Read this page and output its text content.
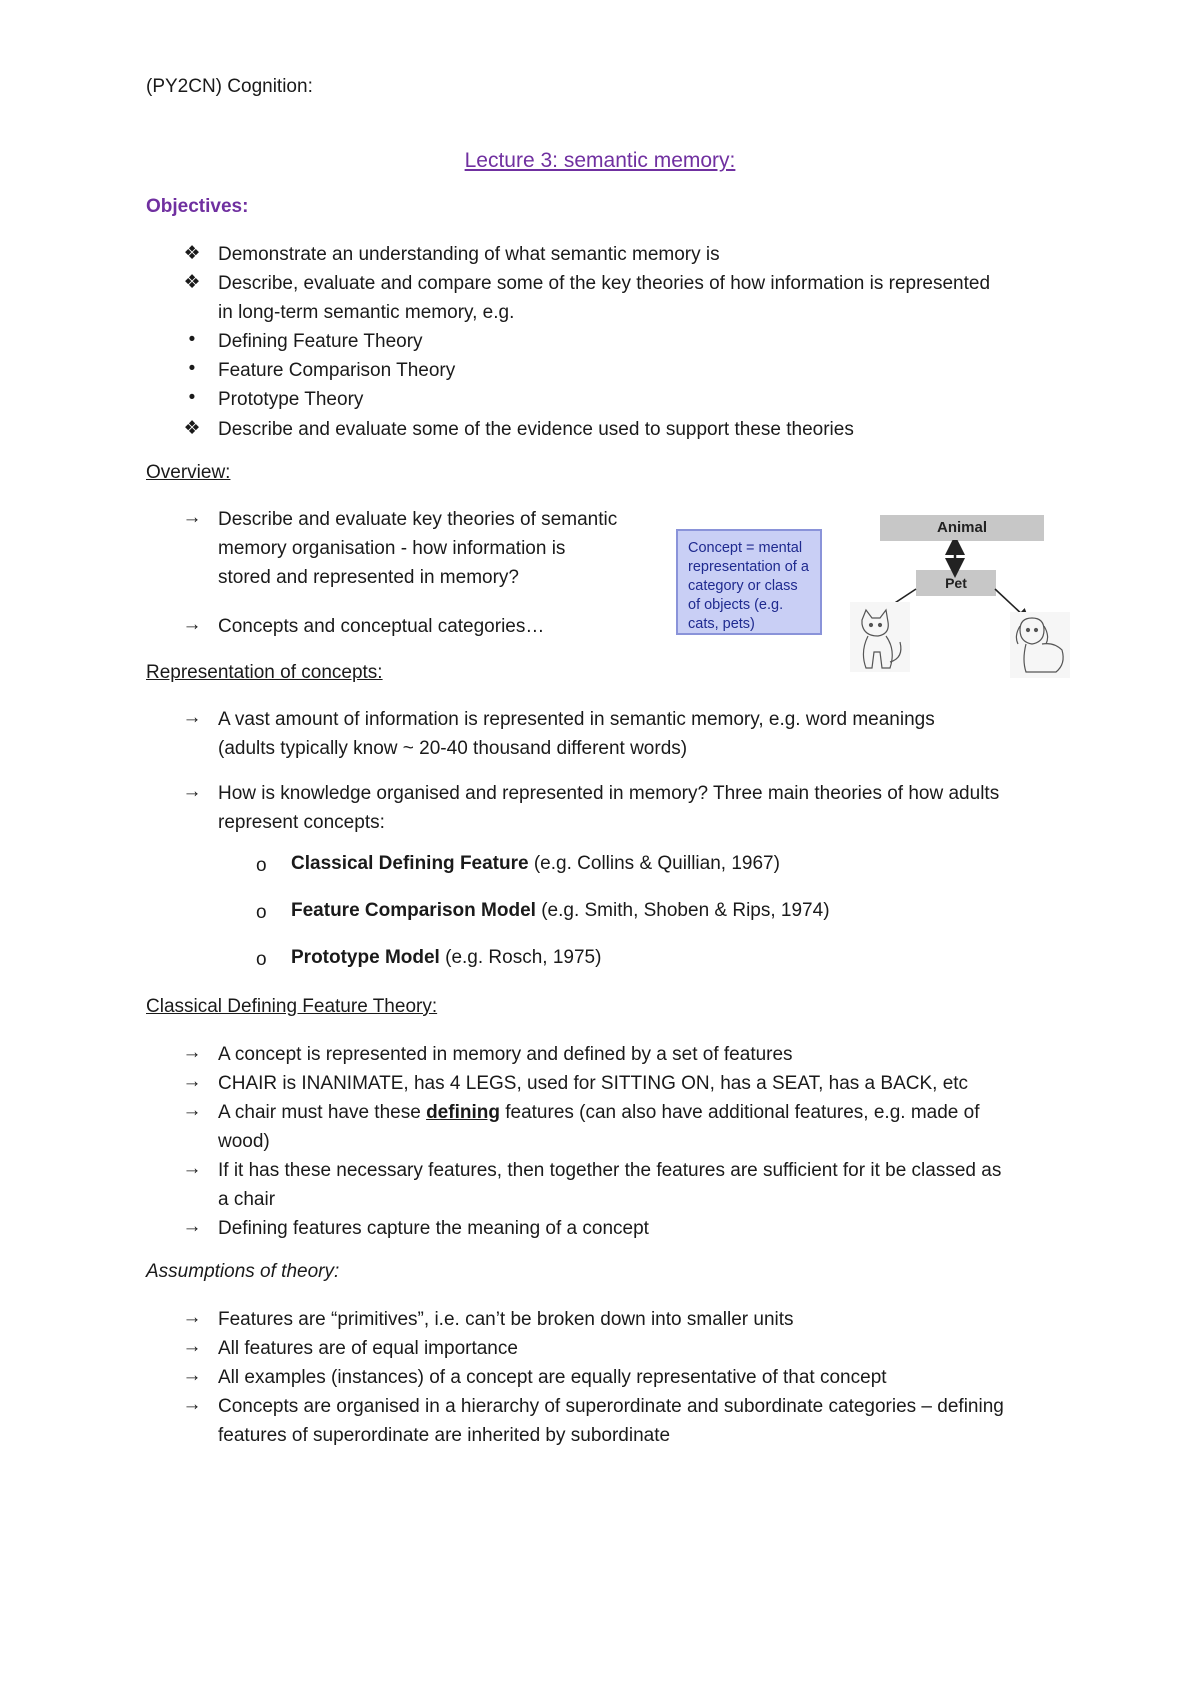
(PY2CN) Cognition:
Lecture 3: semantic memory:
Objectives:
❖ Demonstrate an understanding of what semantic memory is
❖ Describe, evaluate and compare some of the key theories of how information is represented
in long-term semantic memory, e.g.
•	Defining Feature Theory
•	Feature Comparison Theory
•	Prototype Theory
❖ Describe and evaluate some of the evidence used to support these theories
Overview:
→ Describe and evaluate key theories of semantic
memory organisation - how information is
stored and represented in memory?
→ Concepts and conceptual categories…
Concept = mental representation of a category or class of objects (e.g. cats, pets)
Animal
Pet
Representation of concepts:
→ A vast amount of information is represented in semantic memory, e.g. word meanings
(adults typically know ~ 20-40 thousand different words)
→ How is knowledge organised and represented in memory? Three main theories of how adults
represent concepts:
o Classical Defining Feature (e.g. Collins & Quillian, 1967)
o Feature Comparison Model (e.g. Smith, Shoben & Rips, 1974)
o Prototype Model (e.g. Rosch, 1975)
Classical Defining Feature Theory:
→ A concept is represented in memory and defined by a set of features
→ CHAIR is INANIMATE, has 4 LEGS, used for SITTING ON, has a SEAT, has a BACK, etc
→ A chair must have these defining features (can also have additional features, e.g. made of
wood)
→ If it has these necessary features, then together the features are sufficient for it be classed as
a chair
→ Defining features capture the meaning of a concept
Assumptions of theory:
→ Features are “primitives”, i.e. can’t be broken down into smaller units
→ All features are of equal importance
→ All examples (instances) of a concept are equally representative of that concept
→ Concepts are organised in a hierarchy of superordinate and subordinate categories – defining
features of superordinate are inherited by subordinate
